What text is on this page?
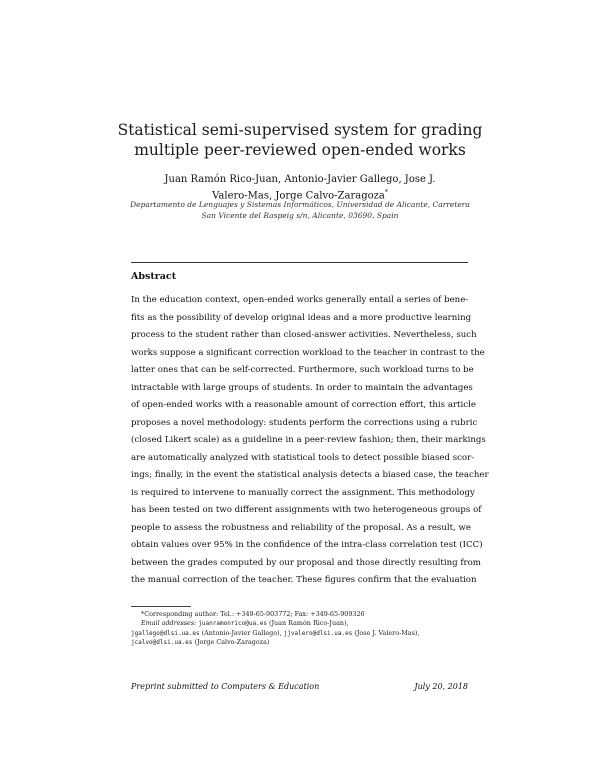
Statistical semi-supervised system for grading multiple peer-reviewed open-ended works
Juan Ramón Rico-Juan, Antonio-Javier Gallego, Jose J. Valero-Mas, Jorge Calvo-Zaragoza*
Departamento de Lenguajes y Sistemas Informáticos, Universidad de Alicante, Carretera
San Vicente del Raspeig s/n, Alicante, 03690, Spain
Abstract
In the education context, open-ended works generally entail a series of bene-
fits as the possibility of develop original ideas and a more productive learning
process to the student rather than closed-answer activities. Nevertheless, such
works suppose a significant correction workload to the teacher in contrast to the
latter ones that can be self-corrected. Furthermore, such workload turns to be
intractable with large groups of students. In order to maintain the advantages
of open-ended works with a reasonable amount of correction effort, this article
proposes a novel methodology: students perform the corrections using a rubric
(closed Likert scale) as a guideline in a peer-review fashion; then, their markings
are automatically analyzed with statistical tools to detect possible biased scor-
ings; finally, in the event the statistical analysis detects a biased case, the teacher
is required to intervene to manually correct the assignment. This methodology
has been tested on two different assignments with two heterogeneous groups of
people to assess the robustness and reliability of the proposal. As a result, we
obtain values over 95% in the confidence of the intra-class correlation test (ICC)
between the grades computed by our proposal and those directly resulting from
the manual correction of the teacher. These figures confirm that the evaluation
*Corresponding author: Tel.: +349-65-903772; Fax: +349-65-909326
Email addresses: juanramonrico@ua.es (Juan Ramón Rico-Juan),
jgallego@dlsi.ua.es (Antonio-Javier Gallego), jjvalero@dlsi.ua.es (Jose J. Valero-Mas),
jcalvo@dlsi.ua.es (Jorge Calvo-Zaragoza)
Preprint submitted to Computers & Education	July 20, 2018
